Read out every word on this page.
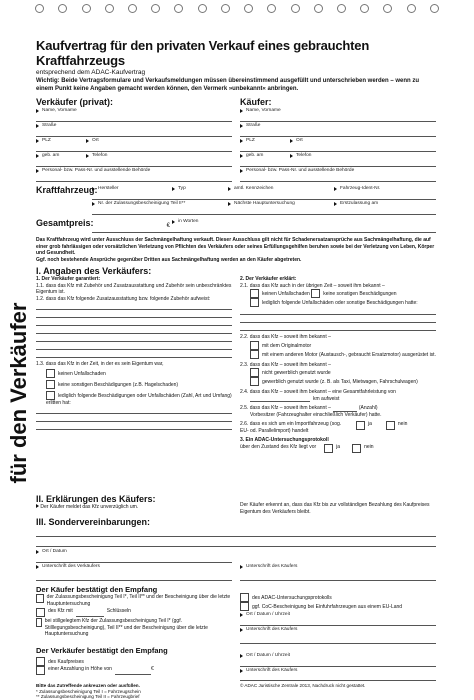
für den Verkäufer
Kaufvertrag für den privaten Verkauf eines gebrauchten Kraftfahrzeugs
entsprechend dem ADAC-Kaufvertrag
Wichtig: Beide Vertragsformulare und Verkaufsmeldungen müssen übereinstimmend ausgefüllt und unterschrieben werden – wenn zu einem Punkt keine Angaben gemacht werden können, den Vermerk »unbekannt« anbringen.
Verkäufer (privat):
Name, Vorname
Straße
PLZ	Ort
geb. am	Telefon
Personal- bzw. Pass-Nr. und ausstellende Behörde
Käufer:
Name, Vorname
Straße
PLZ	Ort
geb. am	Telefon
Personal- bzw. Pass-Nr. und ausstellende Behörde
Kraftfahrzeug: Hersteller	Typ	amtl. Kennzeichen	Fahrzeug-Ident-Nr.
Nr. der Zulassungsbescheinigung Teil II**	Nächste Hauptuntersuchung	Erstzulassung am
Gesamtpreis:	€
in Worten
Das Kraftfahrzeug wird unter Ausschluss der Sachmängelhaftung verkauft. Dieser Ausschluss gilt nicht für Schadenersatzansprüche aus Sachmängelhaftung, die auf einer grob fahrlässigen oder vorsätzlichen Verletzung von Pflichten des Verkäufers oder seines Erfüllungsgehilfen beruhen sowie bei der Verletzung von Leben, Körper und Gesundheit.
Ggf. noch bestehende Ansprüche gegenüber Dritten aus Sachmängelhaftung werden an den Käufer abgetreten.
I. Angaben des Verkäufers:
1. Der Verkäufer garantiert:
1.1. dass das Kfz mit Zubehör und Zusatzausstattung und Zubehör sein unbeschränktes Eigentum ist.
1.2. dass das Kfz folgende Zusatzausstattung bzw. folgende Zubehör aufweist:
1.3. dass das Kfz in der Zeit, in der es sein Eigentum war,
keinen Unfallschaden
keine sonstigen Beschädigungen (z.B. Hagelschaden)
lediglich folgende Beschädigungen oder Unfallschäden (Zahl, Art und Umfang) erlitten hat:
2. Der Verkäufer erklärt:
2.1. dass das Kfz auch in der übrigen Zeit – soweit ihm bekannt –
keinen Unfallschaden	keine sonstigen Beschädigungen
lediglich folgende Unfallschäden oder sonstige Beschädigungen hatte:
2.2. dass das Kfz – soweit ihm bekannt –
mit dem Originalmotor
mit einem anderen Motor (Austausch-, gebraucht Ersatzmotor) ausgerüstet ist.
2.3. dass das Kfz – soweit ihm bekannt –
nicht gewerblich genutzt wurde
gewerblich genutzt wurde (z. B. als Taxi, Mietwagen, Fahrschulwagen)
2.4. dass das Kfz – soweit ihm bekannt – eine Gesamtfahrleistung von
km aufweist
2.5. dass das Kfz – soweit ihm bekannt –	(Anzahl)
Vorbesitzer (Fahrzeughalter einschließlich Verkäufer) hatte.
2.6. dass es sich um ein Importfahrzeug (sog. EU- od. Parallelimport) handelt
ja	nein
3. Ein ADAC-Untersuchungsprotokoll
über den Zustand des Kfz liegt vor	ja	nein
II. Erklärungen des Käufers:
Der Käufer meldet das Kfz unverzüglich um.	Der Käufer erkennt an, dass das Kfz bis zur vollständigen Bezahlung des Kaufpreises Eigentum des Verkäufers bleibt.
III. Sondervereinbarungen:
Ort / Datum
Unterschrift des Verkäufers	Unterschrift des Käufers
Der Käufer bestätigt den Empfang
der Zulassungsbescheinigung Teil I*, Teil II** und der Bescheinigung über die letzte Hauptuntersuchung
des Kfz mit	Schlüsseln
bei stillgelegtem Kfz der Zulassungsbescheinigung Teil I* (ggf. Stilllegungsbescheinigung), Teil II** und der Bescheinigung über die letzte Hauptuntersuchung
des ADAC-Untersuchungsprotokolls
ggf. CoC-Bescheinigung bei Einfuhrfahrzeugen aus einem EU-Land
Ort / Datum / Uhrzeit
Unterschrift des Käufers
Der Verkäufer bestätigt den Empfang
des Kaufpreises
einer Anzahlung in Höhe von	€
Ort / Datum / Uhrzeit
Unterschrift des Käufers
Bitte das Zutreffende ankreuzen oder ausfüllen.
* Zulassungsbescheinigung Teil I = Fahrzeugschein
** Zulassungsbescheinigung Teil II = Fahrzeugbrief
© ADAC Juristische Zentrale 2013, Nachdruck nicht gestattet.
